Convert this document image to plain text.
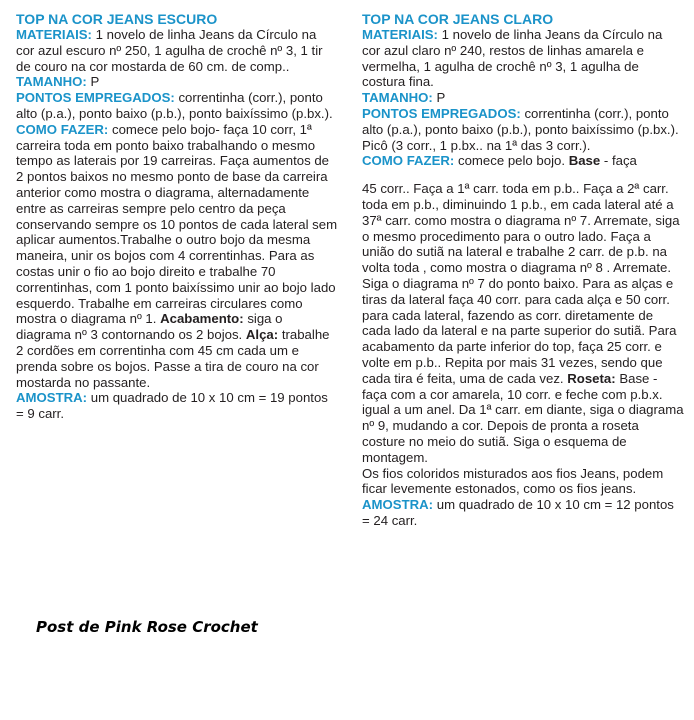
TOP NA COR JEANS ESCURO

MATERIAIS: 1 novelo de linha Jeans da Círculo na cor azul escuro nº 250, 1 agulha de crochê nº 3, 1 tir de couro na cor mostarda de 60 cm. de comp..

TAMANHO: P

PONTOS EMPREGADOS: correntinha (corr.), ponto alto (p.a.), ponto baixo (p.b.), ponto baixíssimo (p.bx.).

COMO FAZER: comece pelo bojo- faça 10 corr, 1ª carreira toda em ponto baixo trabalhando o mesmo tempo as laterais por 19 carreiras. Faça aumentos de 2 pontos baixos no mesmo ponto de base da carreira anterior como mostra o diagrama, alternadamente entre as carreiras sempre pelo centro da peça conservando sempre os 10 pontos de cada lateral sem aplicar aumentos.Trabalhe o outro bojo da mesma maneira, unir os bojos com 4 correntinhas. Para as costas unir o fio ao bojo direito e trabalhe 70 correntinhas, com 1 ponto baixíssimo unir ao bojo lado esquerdo. Trabalhe em carreiras circulares como mostra o diagrama nº 1. Acabamento: siga o diagrama nº 3 contornando os 2 bojos. Alça: trabalhe 2 cordões em correntinha com 45 cm cada um e prenda sobre os bojos. Passe a tira de couro na cor mostarda no passante.

AMOSTRA: um quadrado de 10 x 10 cm = 19 pontos = 9 carr.

Post de Pink Rose Crochet
TOP NA COR JEANS CLARO

MATERIAIS: 1 novelo de linha Jeans da Círculo na cor azul claro nº 240, restos de linhas amarela e vermelha, 1 agulha de crochê nº 3, 1 agulha de costura fina.

TAMANHO: P

PONTOS EMPREGADOS: correntinha (corr.), ponto alto (p.a.), ponto baixo (p.b.), ponto baixíssimo (p.bx.). Picô (3 corr., 1 p.bx.. na 1ª das 3 corr.).

COMO FAZER: comece pelo bojo. Base - faça

45 corr.. Faça a 1ª carr. toda em p.b.. Faça a 2ª carr. toda em p.b., diminuindo 1 p.b., em cada lateral até a 37ª carr. como mostra o diagrama nº 7. Arremate, siga o mesmo procedimento para o outro lado. Faça a união do sutiã na lateral e trabalhe 2 carr. de p.b. na volta toda , como mostra o diagrama nº 8 . Arremate. Siga o diagrama nº 7 do ponto baixo. Para as alças e tiras da lateral faça 40 corr. para cada alça e 50 corr. para cada lateral, fazendo as corr. diretamente de cada lado da lateral e na parte superior do sutiã. Para acabamento da parte inferior do top, faça 25 corr. e volte em p.b.. Repita por mais 31 vezes, sendo que cada tira é feita, uma de cada vez. Roseta: Base - faça com a cor amarela, 10 corr. e feche com p.b.x. igual a um anel. Da 1ª carr. em diante, siga o diagrama nº 9, mudando a cor. Depois de pronta a roseta costure no meio do sutiã. Siga o esquema de montagem.

Os fios coloridos misturados aos fios Jeans, podem ficar levemente estonados, como os fios jeans.

AMOSTRA: um quadrado de 10 x 10 cm = 12 pontos = 24 carr.
